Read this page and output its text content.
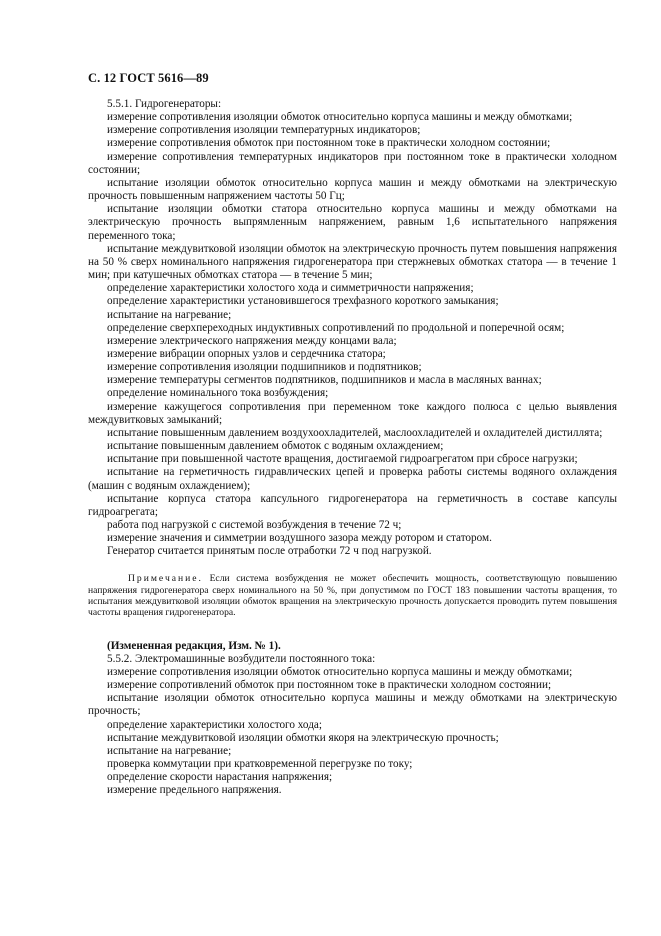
С. 12 ГОСТ 5616—89

5.5.1. Гидрогенераторы:

измерение сопротивления изоляции обмоток относительно корпуса машины и между обмотками;

измерение сопротивления изоляции температурных индикаторов;

измерение сопротивления обмоток при постоянном токе в практически холодном состоянии;

измерение сопротивления температурных индикаторов при постоянном токе в практически холодном состоянии;

испытание изоляции обмоток относительно корпуса машин и между обмотками на электрическую прочность повышенным напряжением частоты 50 Гц;

испытание изоляции обмотки статора относительно корпуса машины и между обмотками на электрическую прочность выпрямленным напряжением, равным 1,6 испытательного напряжения переменного тока;

испытание междувитковой изоляции обмоток на электрическую прочность путем повышения напряжения на 50 % сверх номинального напряжения гидрогенератора при стержневых обмотках статора — в течение 1 мин; при катушечных обмотках статора — в течение 5 мин;

определение характеристики холостого хода и симметричности напряжения;

определение характеристики установившегося трехфазного короткого замыкания;

испытание на нагревание;

определение сверхпереходных индуктивных сопротивлений по продольной и поперечной осям;

измерение электрического напряжения между концами вала;

измерение вибрации опорных узлов и сердечника статора;

измерение сопротивления изоляции подшипников и подпятников;

измерение температуры сегментов подпятников, подшипников и масла в масляных ваннах;

определение номинального тока возбуждения;

измерение кажущегося сопротивления при переменном токе каждого полюса с целью выявления междувитковых замыканий;

испытание повышенным давлением воздухоохладителей, маслоохладителей и охладителей дистиллята;

испытание повышенным давлением обмоток с водяным охлаждением;

испытание при повышенной частоте вращения, достигаемой гидроагрегатом при сбросе нагрузки;

испытание на герметичность гидравлических цепей и проверка работы системы водяного охлаждения (машин с водяным охлаждением);

испытание корпуса статора капсульного гидрогенератора на герметичность в составе капсулы гидроагрегата;

работа под нагрузкой с системой возбуждения в течение 72 ч;

измерение значения и симметрии воздушного зазора между ротором и статором.

Генератор считается принятым после отработки 72 ч под нагрузкой.

Примечание. Если система возбуждения не может обеспечить мощность, соответствующую повышению напряжения гидрогенератора сверх номинального на 50 %, при допустимом по ГОСТ 183 повышении частоты вращения, то испытания междувитковой изоляции обмоток вращения на электрическую прочность допускается проводить путем повышения частоты вращения гидрогенератора.

(Измененная редакция, Изм. № 1).

5.5.2. Электромашинные возбудители постоянного тока:

измерение сопротивления изоляции обмоток относительно корпуса машины и между обмотками;

измерение сопротивлений обмоток при постоянном токе в практически холодном состоянии;

испытание изоляции обмоток относительно корпуса машины и между обмотками на электрическую прочность;

определение характеристики холостого хода;

испытание междувитковой изоляции обмотки якоря на электрическую прочность;

испытание на нагревание;

проверка коммутации при кратковременной перегрузке по току;

определение скорости нарастания напряжения;

измерение предельного напряжения.
